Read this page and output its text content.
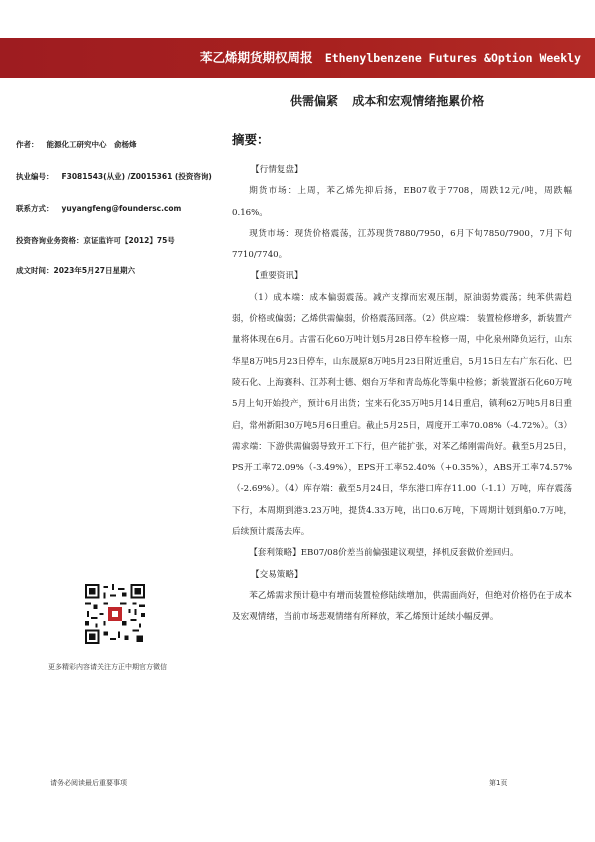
苯乙烯期货期权周报 Ethenylbenzene Futures &Option Weekly
供需偏紧 成本和宏观情绪拖累价格
作者： 能源化工研究中心　俞杨烽
执业编号： F3081543(从业) /Z0015361 (投资咨询)
联系方式： yuyangfeng@foundersc.com
投资咨询业务资格：京证监许可【2012】75号
成文时间：2023年5月27日星期六
更多精彩内容请关注方正中期官方微信
摘要：

【行情复盘】

期货市场：上周，苯乙烯先抑后扬，EB07收于7708，周跌12元/吨，周跌幅0.16%。

现货市场：现货价格震荡，江苏现货7880/7950，6月下旬7850/7900，7月下旬7710/7740。

【重要资讯】

（1）成本端：成本偏弱震荡。减产支撑而宏观压制，原油弱势震荡；纯苯供需趋弱，价格或偏弱；乙烯供需偏弱，价格震荡回落。（2）供应端： 装置检修增多，新装置产量将体现在6月。古雷石化60万吨计划5月28日停车检修一周，中化泉州降负运行，山东华星8万吨5月23日停车，山东晟原8万吨5月23日附近重启，5月15日左右广东石化、巴陵石化、上海赛科、江苏利士德、烟台万华和青岛炼化等集中检修；新装置浙石化60万吨5月上旬开始投产，预计6月出货；宝来石化35万吨5月14日重启，镇利62万吨5月8日重启，常州新阳30万吨5月6日重启。截止5月25日，周度开工率70.08%（-4.72%）。（3）需求端：下游供需偏弱导致开工下行，但产能扩张，对苯乙烯刚需尚好。截至5月25日，PS开工率72.09%（-3.49%），EPS开工率52.40%（+0.35%），ABS开工率74.57%（-2.69%）。（4）库存端：截至5月24日，华东港口库存11.00（-1.1）万吨，库存震荡下行，本周期到港3.23万吨，提货4.33万吨，出口0.6万吨，下周期计划到船0.7万吨，后续预计震荡去库。

【套利策略】EB07/08价差当前偏强建议观望，择机反套做价差回归。

【交易策略】

苯乙烯需求预计稳中有增而装置检修陆续增加，供需面尚好，但绝对价格仍在于成本及宏观情绪，当前市场悲观情绪有所释放，苯乙烯预计延续小幅反弹。

请务必阅读最后重要事项	第1页
